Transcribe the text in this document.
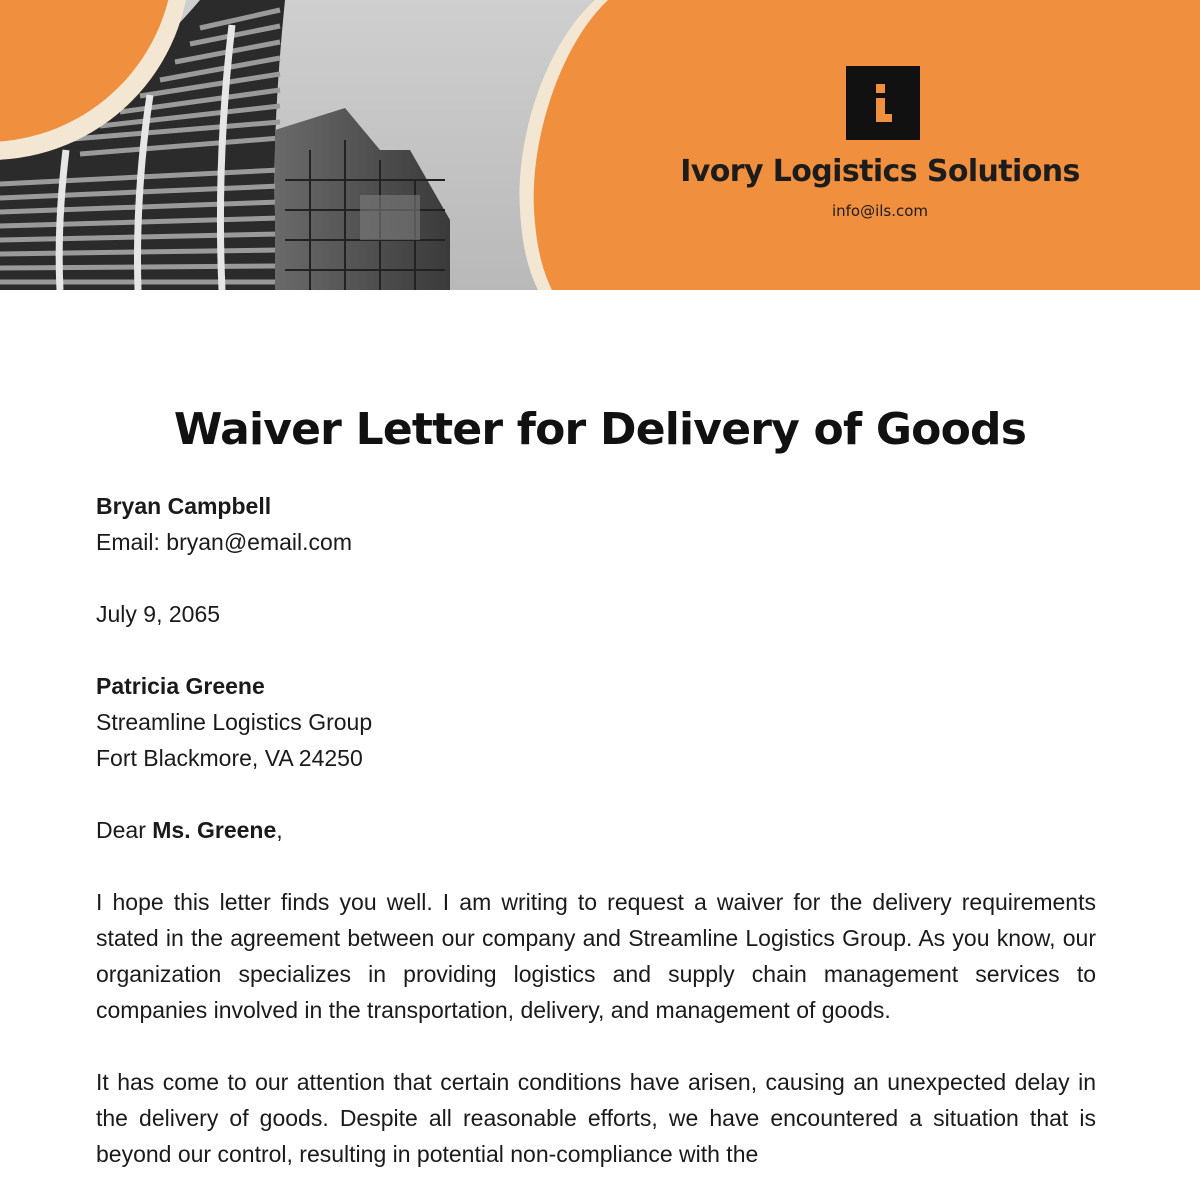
Ivory Logistics Solutions
info@ils.com
Waiver Letter for Delivery of Goods
Bryan Campbell
Email: bryan@email.com
July 9, 2065
Patricia Greene
Streamline Logistics Group
Fort Blackmore, VA 24250
Dear Ms. Greene,

I hope this letter finds you well. I am writing to request a waiver for the delivery requirements stated in the agreement between our company and Streamline Logistics Group. As you know, our organization specializes in providing logistics and supply chain management services to companies involved in the transportation, delivery, and management of goods.

It has come to our attention that certain conditions have arisen, causing an unexpected delay in the delivery of goods. Despite all reasonable efforts, we have encountered a situation that is beyond our control, resulting in potential non-compliance with the
